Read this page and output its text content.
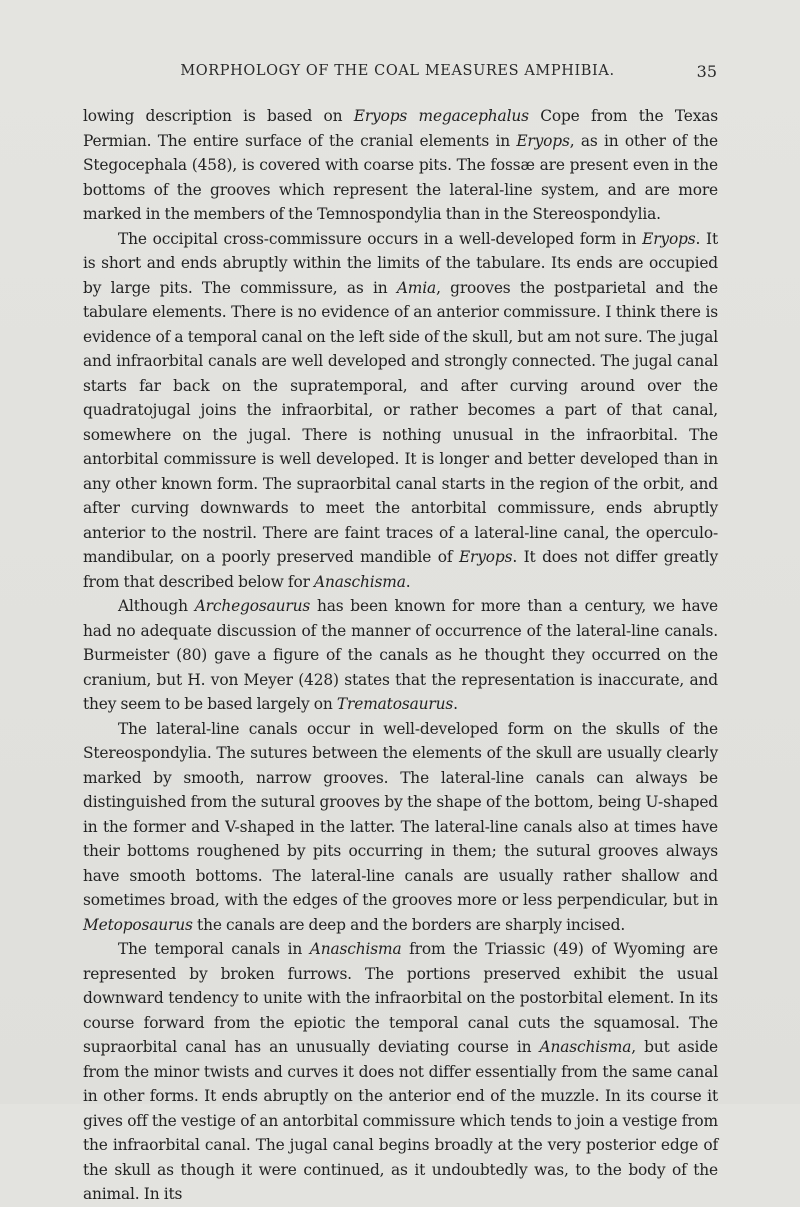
MORPHOLOGY OF THE COAL MEASURES AMPHIBIA.	35

lowing description is based on Eryops megacephalus Cope from the Texas Permian. The entire surface of the cranial elements in Eryops, as in other of the Stegocephala (458), is covered with coarse pits. The fossæ are present even in the bottoms of the grooves which represent the lateral-line system, and are more marked in the members of the Temnospondylia than in the Stereospondylia.

The occipital cross-commissure occurs in a well-developed form in Eryops. It is short and ends abruptly within the limits of the tabulare. Its ends are occupied by large pits. The commissure, as in Amia, grooves the postparietal and the tabulare elements. There is no evidence of an anterior commissure. I think there is evidence of a temporal canal on the left side of the skull, but am not sure. The jugal and infraorbital canals are well developed and strongly connected. The jugal canal starts far back on the supratemporal, and after curving around over the quadratojugal joins the infraorbital, or rather becomes a part of that canal, somewhere on the jugal. There is nothing unusual in the infraorbital. The antorbital commissure is well developed. It is longer and better developed than in any other known form. The supraorbital canal starts in the region of the orbit, and after curving downwards to meet the antorbital commissure, ends abruptly anterior to the nostril. There are faint traces of a lateral-line canal, the operculo-mandibular, on a poorly preserved mandible of Eryops. It does not differ greatly from that described below for Anaschisma.

Although Archegosaurus has been known for more than a century, we have had no adequate discussion of the manner of occurrence of the lateral-line canals. Burmeister (80) gave a figure of the canals as he thought they occurred on the cranium, but H. von Meyer (428) states that the representation is inaccurate, and they seem to be based largely on Trematosaurus.

The lateral-line canals occur in well-developed form on the skulls of the Stereospondylia. The sutures between the elements of the skull are usually clearly marked by smooth, narrow grooves. The lateral-line canals can always be distinguished from the sutural grooves by the shape of the bottom, being U-shaped in the former and V-shaped in the latter. The lateral-line canals also at times have their bottoms roughened by pits occurring in them; the sutural grooves always have smooth bottoms. The lateral-line canals are usually rather shallow and sometimes broad, with the edges of the grooves more or less perpendicular, but in Metoposaurus the canals are deep and the borders are sharply incised.

The temporal canals in Anaschisma from the Triassic (49) of Wyoming are represented by broken furrows. The portions preserved exhibit the usual downward tendency to unite with the infraorbital on the postorbital element. In its course forward from the epiotic the temporal canal cuts the squamosal. The supraorbital canal has an unusually deviating course in Anaschisma, but aside from the minor twists and curves it does not differ essentially from the same canal in other forms. It ends abruptly on the anterior end of the muzzle. In its course it gives off the vestige of an antorbital commissure which tends to join a vestige from the infraorbital canal. The jugal canal begins broadly at the very posterior edge of the skull as though it were continued, as it undoubtedly was, to the body of the animal. In its
